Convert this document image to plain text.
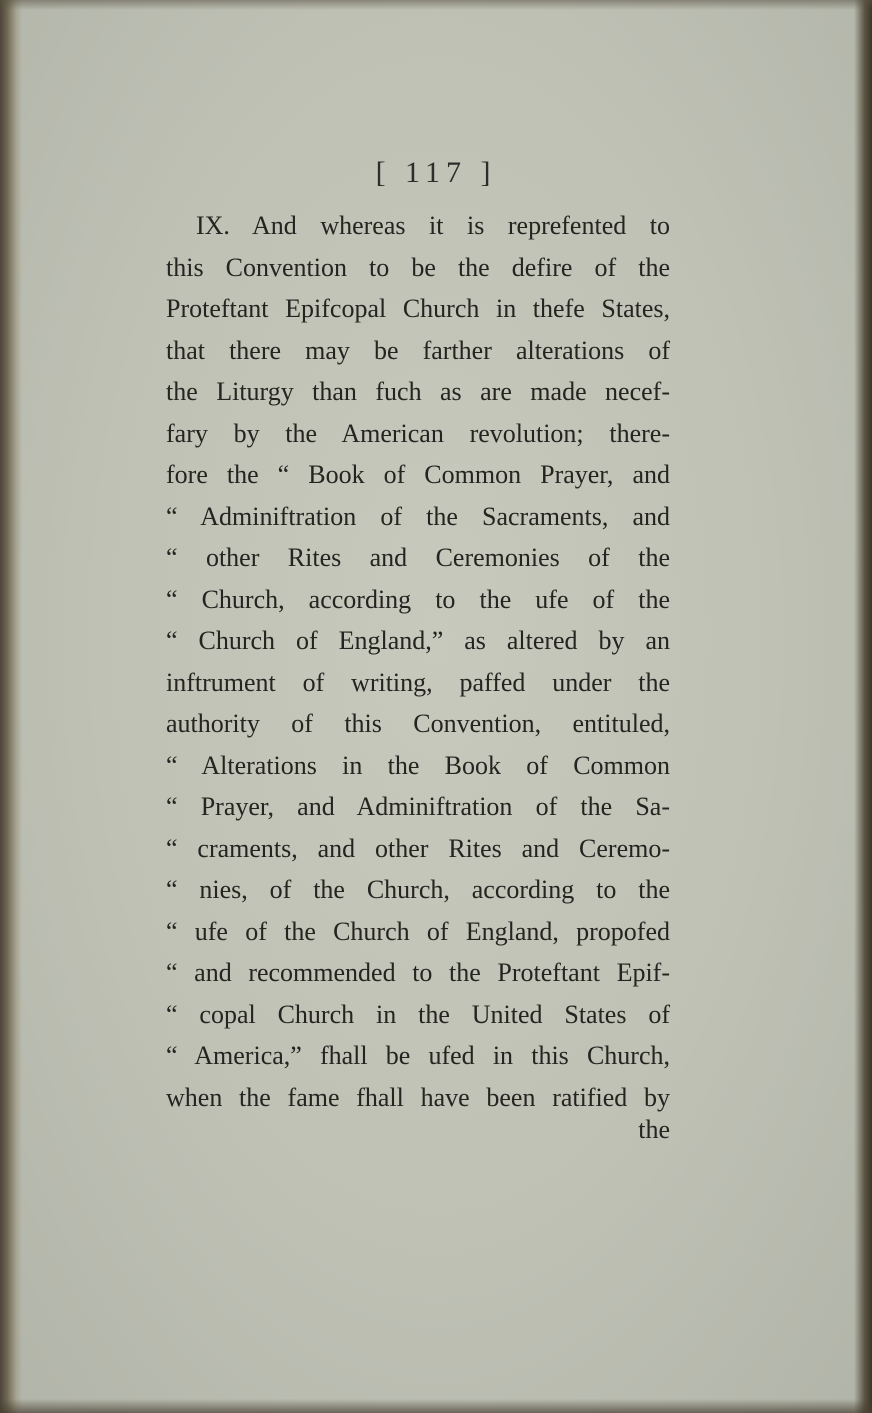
[ 117 ]
IX. And whereas it is reprefented to
this Convention to be the defire of the
Proteftant Epifcopal Church in thefe States,
that there may be farther alterations of
the Liturgy than fuch as are made necef-
fary by the American revolution; there-
fore the “ Book of Common Prayer, and
“ Adminiftration of the Sacraments, and
“ other Rites and Ceremonies of the
“ Church, according to the ufe of the
“ Church of England,” as altered by an
inftrument of writing, paffed under the
authority of this Convention, entituled,
“ Alterations in the Book of Common
“ Prayer, and Adminiftration of the Sa-
“ craments, and other Rites and Ceremo-
“ nies, of the Church, according to the
“ ufe of the Church of England, propofed
“ and recommended to the Proteftant Epif-
“ copal Church in the United States of
“ America,” fhall be ufed in this Church,
when the fame fhall have been ratified by
the
